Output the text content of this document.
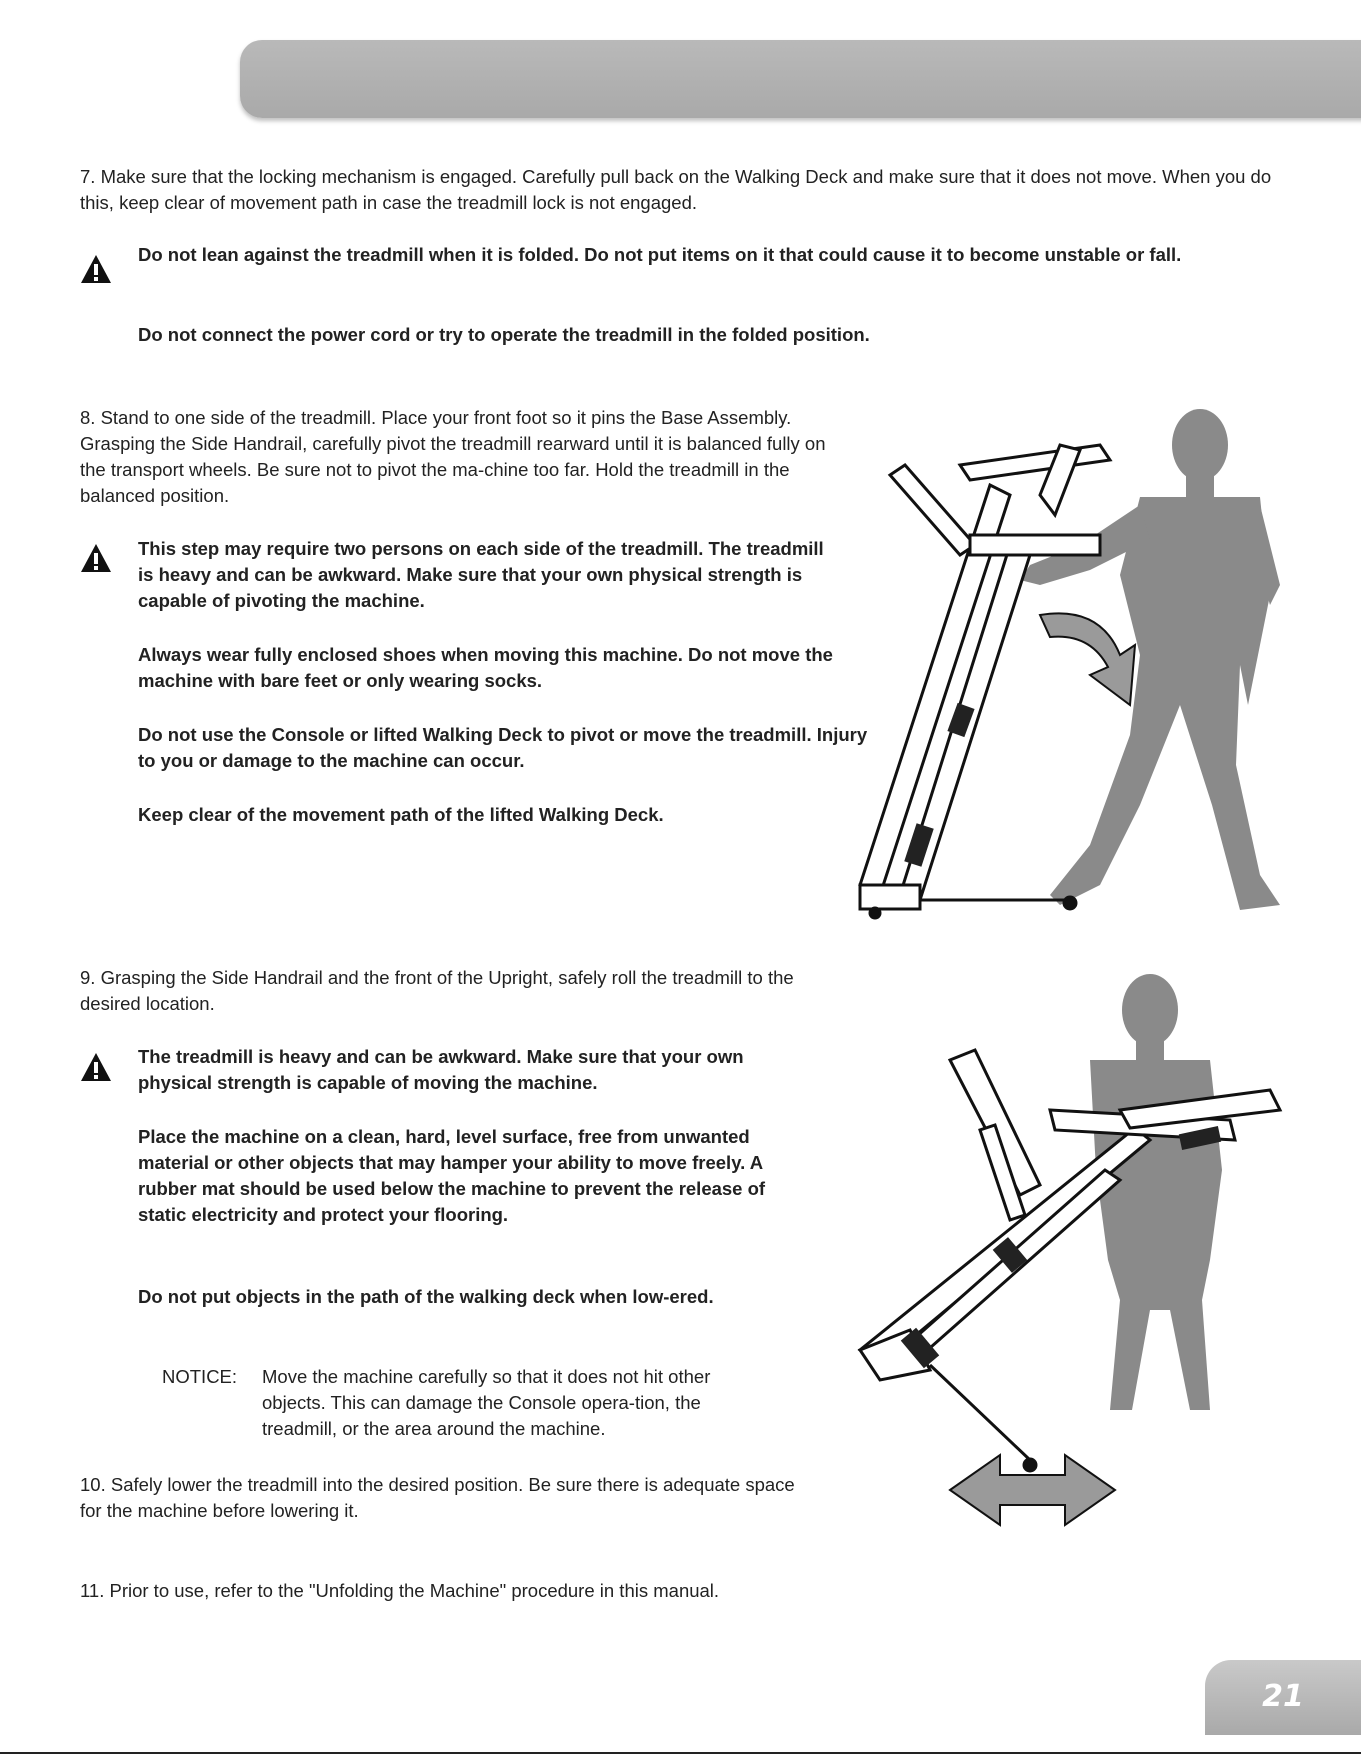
7. Make sure that the locking mechanism is engaged. Carefully pull back on the Walking Deck and make sure that it does not move. When you do this, keep clear of movement path in case the treadmill lock is not engaged.
Do not lean against the treadmill when it is folded. Do not put items on it that could cause it to become unstable or fall.
Do not connect the power cord or try to operate the treadmill in the folded position.
8. Stand to one side of the treadmill. Place your front foot so it pins the Base Assembly. Grasping the Side Handrail, carefully pivot the treadmill rearward until it is balanced fully on the transport wheels. Be sure not to pivot the ma-chine too far. Hold the treadmill in the balanced position.
This step may require two persons on each side of the treadmill. The treadmill is heavy and can be awkward. Make sure that your own physical strength is capable of pivoting the machine.
Always wear fully enclosed shoes when moving this machine. Do not move the machine with bare feet or only wearing socks.
Do not use the Console or lifted Walking Deck to pivot or move the treadmill. Injury to you or damage to the machine can occur.
Keep clear of the movement path of the lifted Walking Deck.
9. Grasping the Side Handrail and the front of the Upright, safely roll the treadmill to the desired location.
The treadmill is heavy and can be awkward. Make sure that your own physical strength is capable of moving the machine.
Place the machine on a clean, hard, level surface, free from unwanted material or other objects that may hamper your ability to move freely. A rubber mat should be used below the machine to prevent the release of static electricity and protect your flooring.
Do not put objects in the path of the walking deck when low-ered.
NOTICE: Move the machine carefully so that it does not hit other objects. This can damage the Console opera-tion, the treadmill, or the area around the machine.
10. Safely lower the treadmill into the desired position. Be sure there is adequate space for the machine before lowering it.
11. Prior to use, refer to the "Unfolding the Machine" procedure in this manual.
21
